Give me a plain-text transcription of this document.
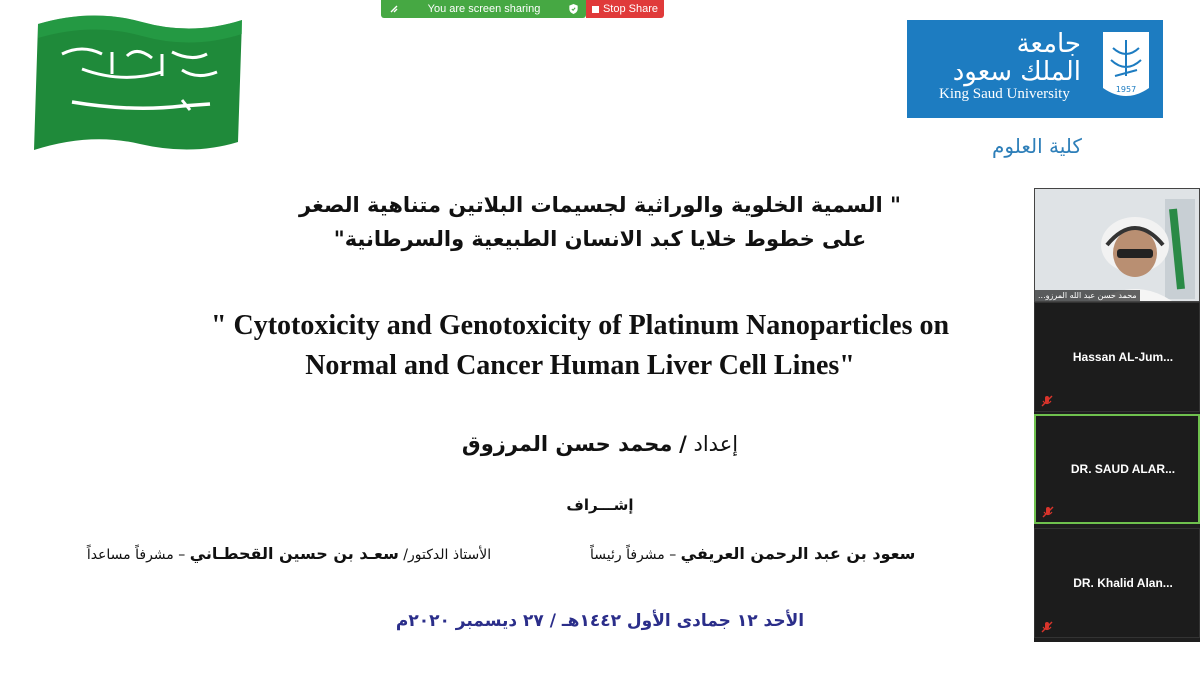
You are screen sharing	Stop Share
جامعة
الملك سعود
King Saud University	1957
كلية العلوم
" السمية الخلوية والوراثية لجسيمات البلاتين متناهية الصغر
على خطوط خلايا كبد الانسان الطبيعية والسرطانية"
" Cytotoxicity and Genotoxicity of Platinum Nanoparticles on
Normal and Cancer Human Liver Cell Lines"
إعداد / محمد حسن المرزوق
إشـــراف
سعود بن عبد الرحمن العريفي – مشرفاً رئيساً
الأستاذ الدكتور/ سعـد بن حسين القحطـاني – مشرفاً مساعداً
الأحد ١٢ جمادى الأول ١٤٤٢هـ / ٢٧ ديسمبر ٢٠٢٠م
محمد حسن عبد الله المرزو...
Hassan AL-Jum...
DR. SAUD ALAR...
DR. Khalid Alan...
